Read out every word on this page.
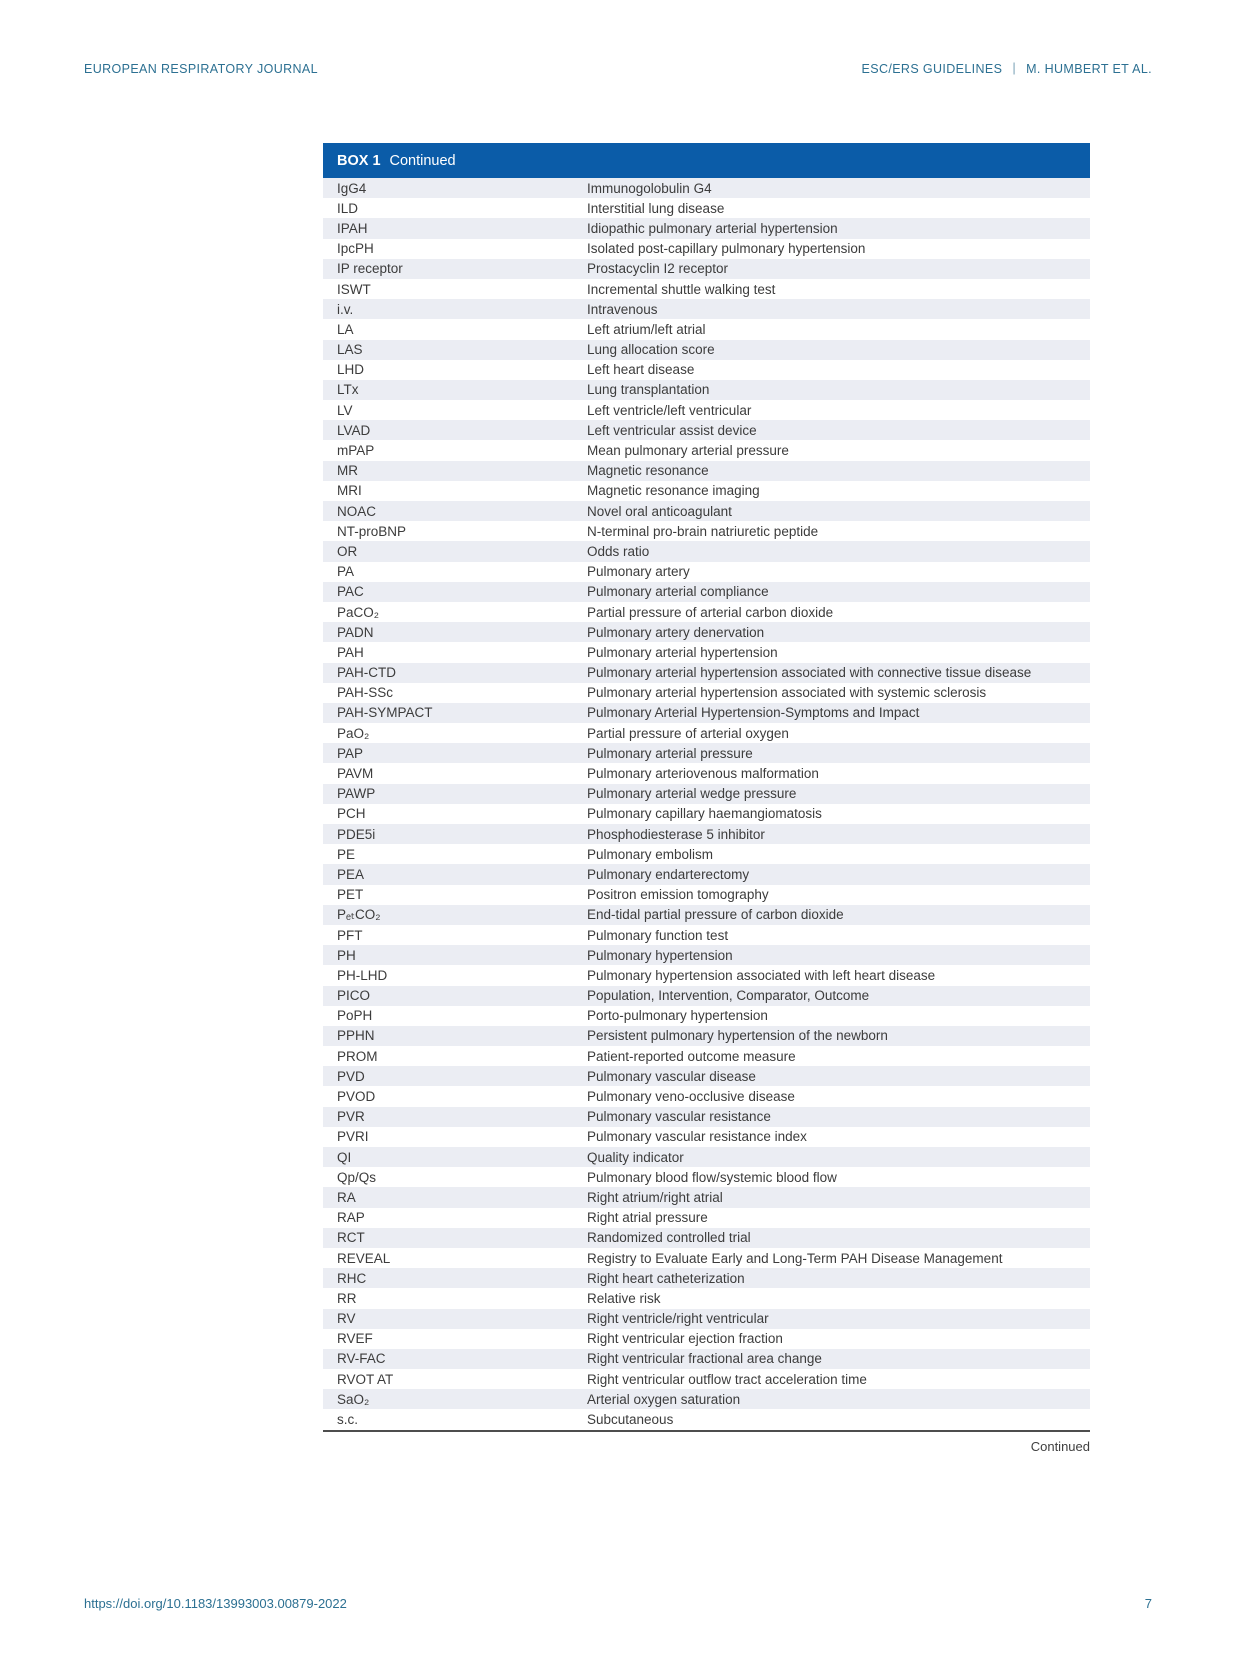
EUROPEAN RESPIRATORY JOURNAL	ESC/ERS GUIDELINES | M. HUMBERT ET AL.
BOX 1 Continued
IgG4	Immunogolobulin G4
ILD	Interstitial lung disease
IPAH	Idiopathic pulmonary arterial hypertension
IpcPH	Isolated post-capillary pulmonary hypertension
IP receptor	Prostacyclin I2 receptor
ISWT	Incremental shuttle walking test
i.v.	Intravenous
LA	Left atrium/left atrial
LAS	Lung allocation score
LHD	Left heart disease
LTx	Lung transplantation
LV	Left ventricle/left ventricular
LVAD	Left ventricular assist device
mPAP	Mean pulmonary arterial pressure
MR	Magnetic resonance
MRI	Magnetic resonance imaging
NOAC	Novel oral anticoagulant
NT-proBNP	N-terminal pro-brain natriuretic peptide
OR	Odds ratio
PA	Pulmonary artery
PAC	Pulmonary arterial compliance
PaCO₂	Partial pressure of arterial carbon dioxide
PADN	Pulmonary artery denervation
PAH	Pulmonary arterial hypertension
PAH-CTD	Pulmonary arterial hypertension associated with connective tissue disease
PAH-SSc	Pulmonary arterial hypertension associated with systemic sclerosis
PAH-SYMPACT	Pulmonary Arterial Hypertension-Symptoms and Impact
PaO₂	Partial pressure of arterial oxygen
PAP	Pulmonary arterial pressure
PAVM	Pulmonary arteriovenous malformation
PAWP	Pulmonary arterial wedge pressure
PCH	Pulmonary capillary haemangiomatosis
PDE5i	Phosphodiesterase 5 inhibitor
PE	Pulmonary embolism
PEA	Pulmonary endarterectomy
PET	Positron emission tomography
PₑₜCO₂	End-tidal partial pressure of carbon dioxide
PFT	Pulmonary function test
PH	Pulmonary hypertension
PH-LHD	Pulmonary hypertension associated with left heart disease
PICO	Population, Intervention, Comparator, Outcome
PoPH	Porto-pulmonary hypertension
PPHN	Persistent pulmonary hypertension of the newborn
PROM	Patient-reported outcome measure
PVD	Pulmonary vascular disease
PVOD	Pulmonary veno-occlusive disease
PVR	Pulmonary vascular resistance
PVRI	Pulmonary vascular resistance index
QI	Quality indicator
Qp/Qs	Pulmonary blood flow/systemic blood flow
RA	Right atrium/right atrial
RAP	Right atrial pressure
RCT	Randomized controlled trial
REVEAL	Registry to Evaluate Early and Long-Term PAH Disease Management
RHC	Right heart catheterization
RR	Relative risk
RV	Right ventricle/right ventricular
RVEF	Right ventricular ejection fraction
RV-FAC	Right ventricular fractional area change
RVOT AT	Right ventricular outflow tract acceleration time
SaO₂	Arterial oxygen saturation
s.c.	Subcutaneous
Continued
https://doi.org/10.1183/13993003.00879-2022	7
